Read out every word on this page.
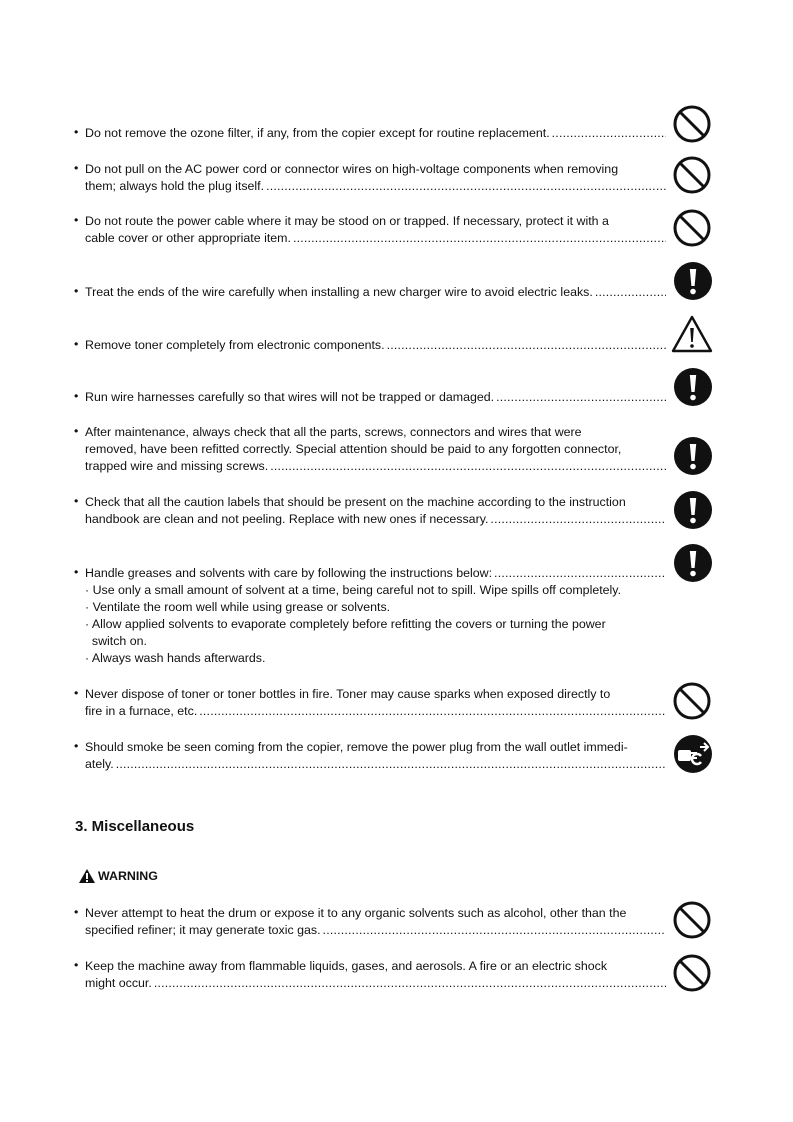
• Do not remove the ozone filter, if any, from the copier except for routine replacement.
.....
• Do not pull on the AC power cord or connector wires on high-voltage components when removing
them; always hold the plug itself.
.....
• Do not route the power cable where it may be stood on or trapped. If necessary, protect it with a
cable cover or other appropriate item.
.....
• Treat the ends of the wire carefully when installing a new charger wire to avoid electric leaks.
.....
• Remove toner completely from electronic components.
.....
• Run wire harnesses carefully so that wires will not be trapped or damaged.
.....
• After maintenance, always check that all the parts, screws, connectors and wires that were
removed, have been refitted correctly. Special attention should be paid to any forgotten connector,
trapped wire and missing screws.
.....
• Check that all the caution labels that should be present on the machine according to the instruction
handbook are clean and not peeling. Replace with new ones if necessary.
.....
• Handle greases and solvents with care by following the instructions below:
.....
· Use only a small amount of solvent at a time, being careful not to spill. Wipe spills off completely.
· Ventilate the room well while using grease or solvents.
· Allow applied solvents to evaporate completely before refitting the covers or turning the power
switch on.
· Always wash hands afterwards.
• Never dispose of toner or toner bottles in fire. Toner may cause sparks when exposed directly to
fire in a furnace, etc.
.....
• Should smoke be seen coming from the copier, remove the power plug from the wall outlet immedi-
ately.
.....
3. Miscellaneous
WARNING
• Never attempt to heat the drum or expose it to any organic solvents such as alcohol, other than the
specified refiner; it may generate toxic gas.
.....
• Keep the machine away from flammable liquids, gases, and aerosols. A fire or an electric shock
might occur.
.....
